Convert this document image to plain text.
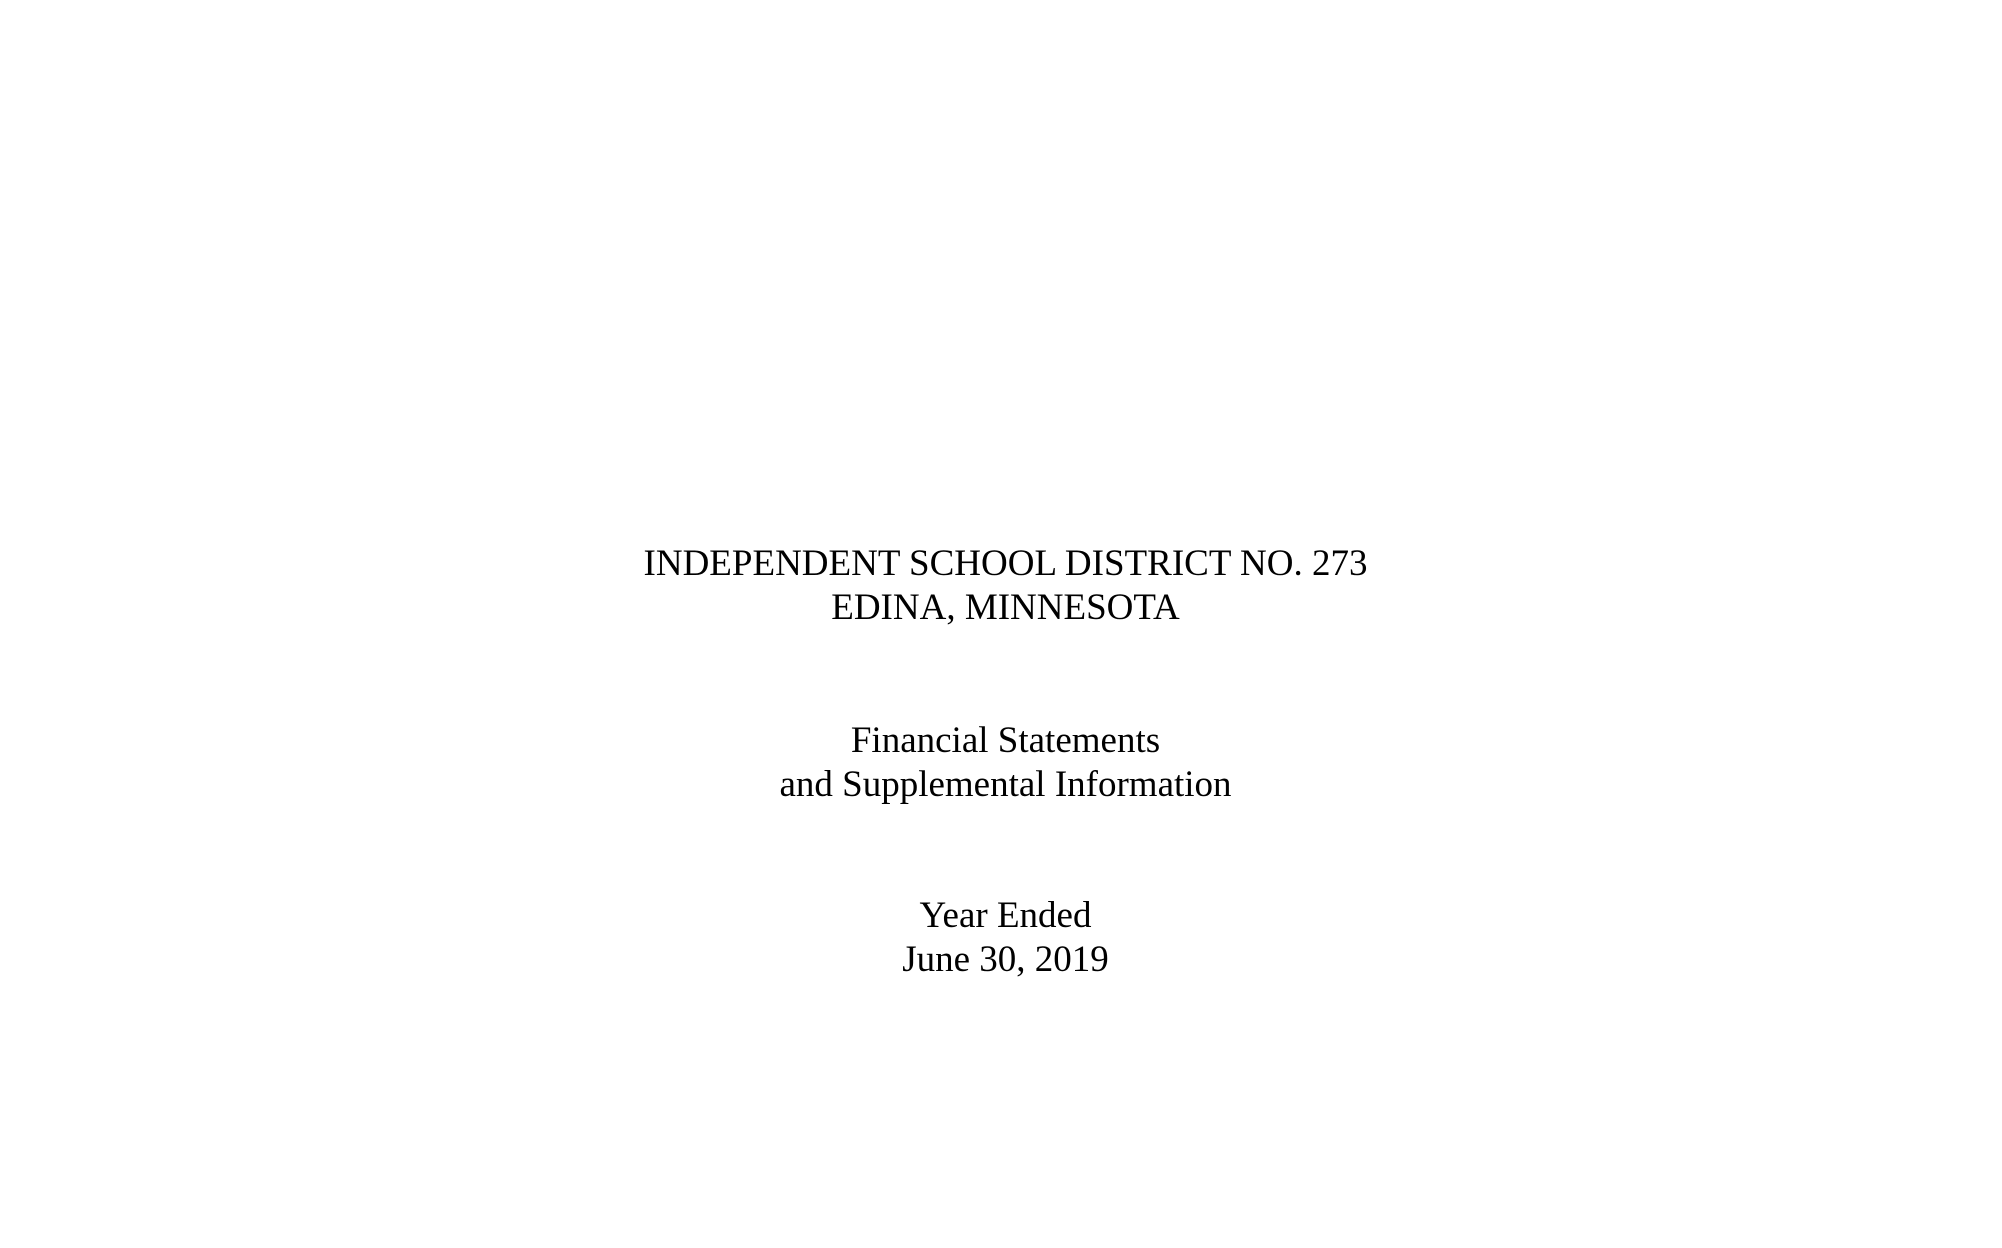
INDEPENDENT SCHOOL DISTRICT NO. 273
EDINA, MINNESOTA
Financial Statements
and Supplemental Information
Year Ended
June 30, 2019
